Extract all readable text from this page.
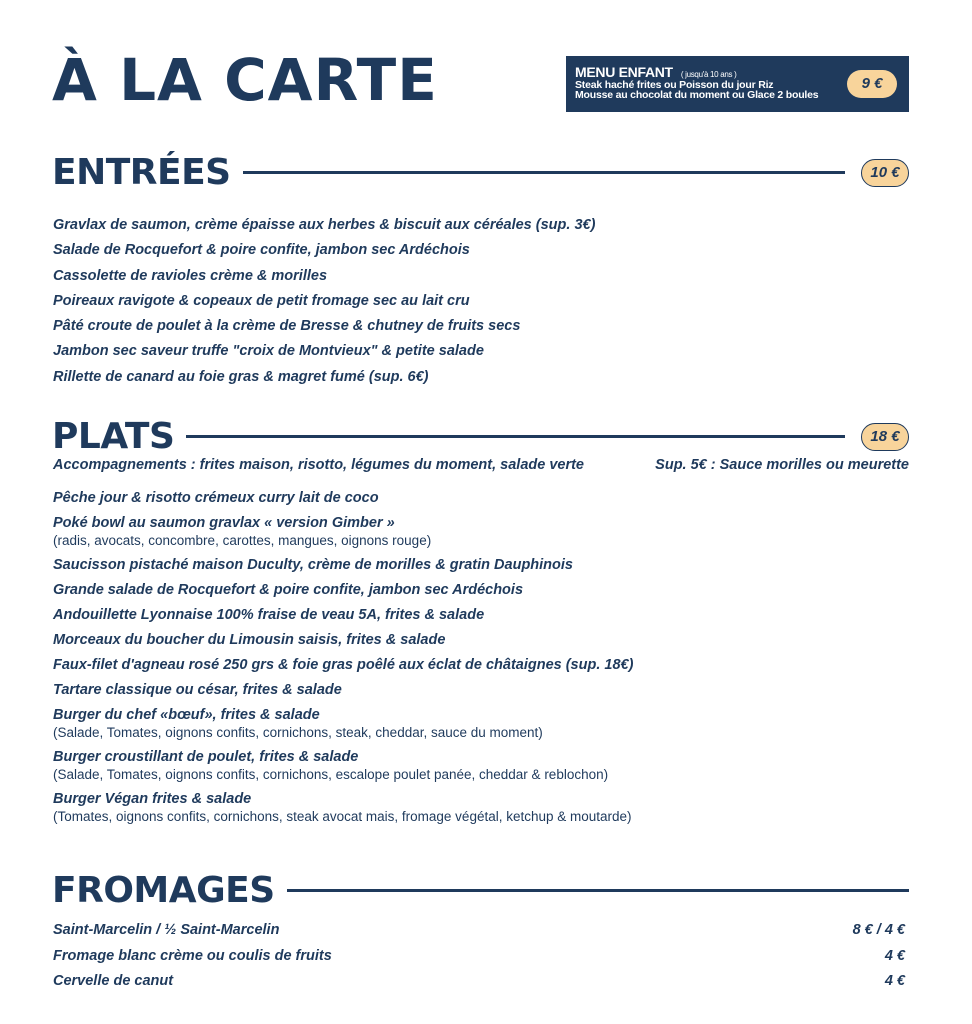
À LA CARTE	MENU ENFANT ( jusqu'à 10 ans )
Steak haché frites ou Poisson du jour Riz
Mousse au chocolat du moment ou Glace 2 boules
9 €
ENTRÉES	10 €
Gravlax de saumon, crème épaisse aux herbes & biscuit aux céréales (sup. 3€)
Salade de Rocquefort & poire confite, jambon sec Ardéchois
Cassolette de ravioles crème & morilles
Poireaux ravigote & copeaux de petit fromage sec au lait cru
Pâté croute de poulet à la crème de Bresse & chutney de fruits secs
Jambon sec saveur truffe "croix de Montvieux" & petite salade
Rillette de canard au foie gras & magret fumé (sup. 6€)
PLATS	18 €
Accompagnements : frites maison, risotto, légumes du moment, salade verte	Sup. 5€ : Sauce morilles ou meurette
Pêche jour & risotto crémeux curry lait de coco
Poké bowl au saumon gravlax « version Gimber »
(radis, avocats, concombre, carottes, mangues, oignons rouge)
Saucisson pistaché maison Duculty, crème de morilles & gratin Dauphinois
Grande salade de Rocquefort & poire confite, jambon sec Ardéchois
Andouillette Lyonnaise 100% fraise de veau 5A, frites & salade
Morceaux du boucher du Limousin saisis, frites & salade
Faux-filet d'agneau rosé 250 grs & foie gras poêlé aux éclat de châtaignes (sup. 18€)
Tartare classique ou césar, frites & salade
Burger du chef «bœuf», frites & salade
(Salade, Tomates, oignons confits, cornichons, steak, cheddar, sauce du moment)
Burger croustillant de poulet, frites & salade
(Salade, Tomates, oignons confits, cornichons, escalope poulet panée, cheddar & reblochon)
Burger Végan frites & salade
(Tomates, oignons confits, cornichons, steak avocat mais, fromage végétal, ketchup & moutarde)
FROMAGES
Saint-Marcelin / ½ Saint-Marcelin	8 € / 4 €
Fromage blanc crème ou coulis de fruits	4 €
Cervelle de canut	4 €
